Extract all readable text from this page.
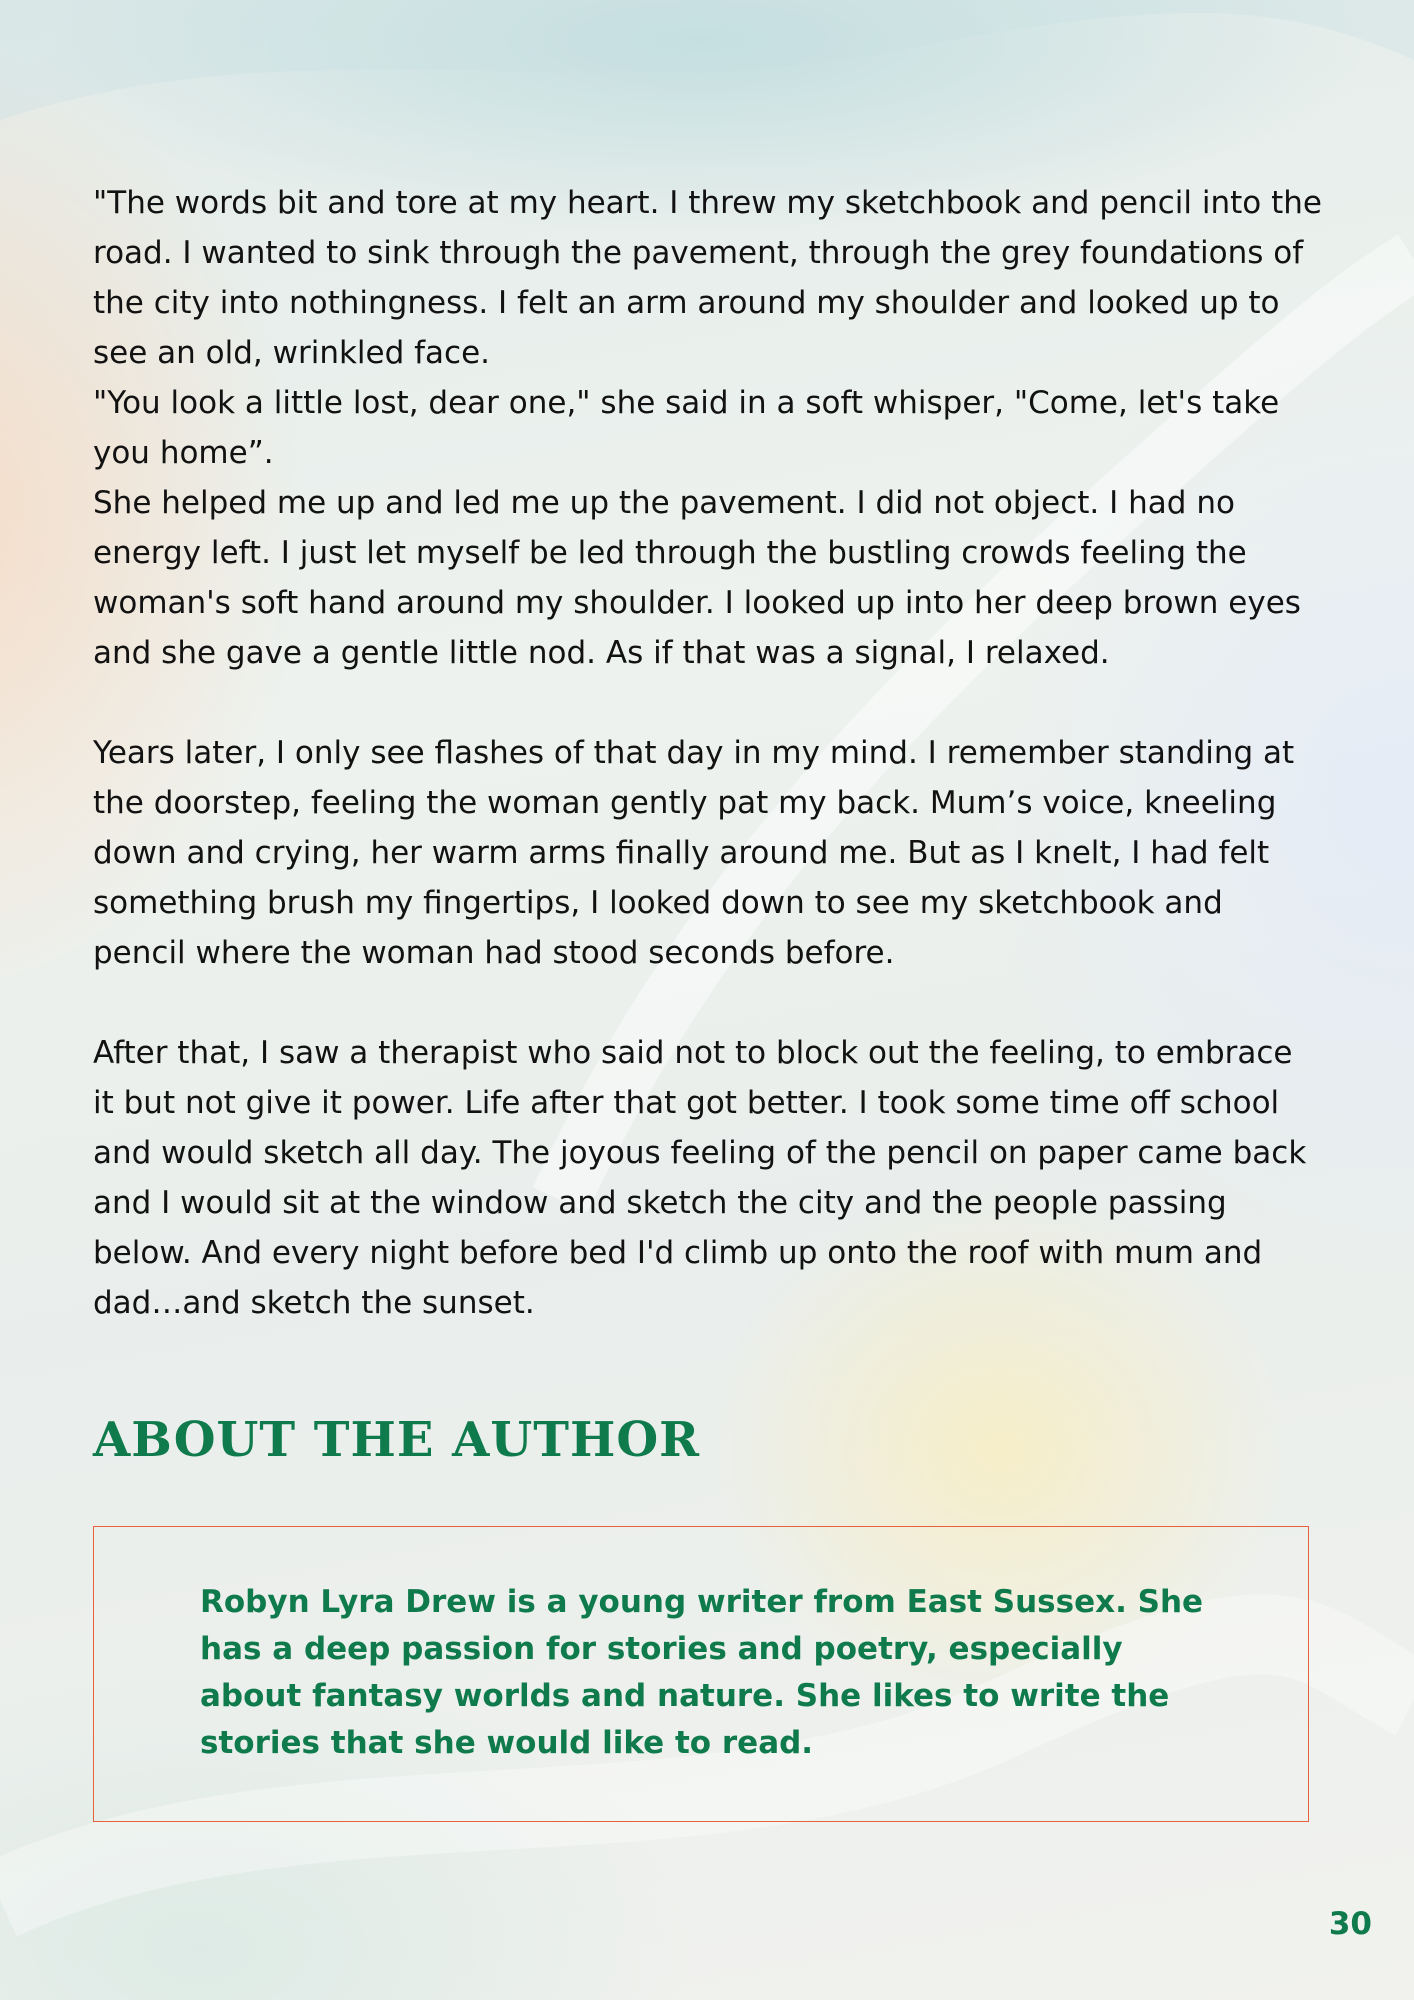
"The words bit and tore at my heart. I threw my sketchbook and pencil into the road. I wanted to sink through the pavement, through the grey foundations of the city into nothingness. I felt an arm around my shoulder and looked up to see an old, wrinkled face.
"You look a little lost, dear one," she said in a soft whisper, "Come, let's take you home”.
She helped me up and led me up the pavement. I did not object. I had no energy left. I just let myself be led through the bustling crowds feeling the woman's soft hand around my shoulder. I looked up into her deep brown eyes and she gave a gentle little nod. As if that was a signal, I relaxed.

Years later, I only see flashes of that day in my mind. I remember standing at the doorstep, feeling the woman gently pat my back. Mum’s voice, kneeling down and crying, her warm arms finally around me. But as I knelt, I had felt something brush my fingertips, I looked down to see my sketchbook and pencil where the woman had stood seconds before.

After that, I saw a therapist who said not to block out the feeling, to embrace it but not give it power. Life after that got better. I took some time off school and would sketch all day. The joyous feeling of the pencil on paper came back and I would sit at the window and sketch the city and the people passing below. And every night before bed I'd climb up onto the roof with mum and dad…and sketch the sunset.

ABOUT THE AUTHOR

Robyn Lyra Drew is a young writer from East Sussex. She has a deep passion for stories and poetry, especially about fantasy worlds and nature. She likes to write the stories that she would like to read.

30
